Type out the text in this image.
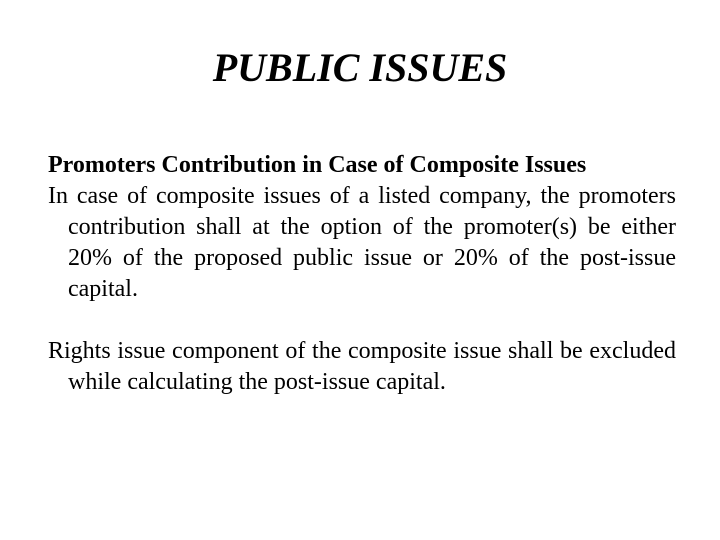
PUBLIC ISSUES

Promoters Contribution in Case of Composite Issues

In case of composite issues of a listed company, the promoters contribution shall at the option of the promoter(s) be either 20% of the proposed public issue or 20% of the post-issue capital.

Rights issue component of the composite issue shall be excluded while calculating the post-issue capital.
